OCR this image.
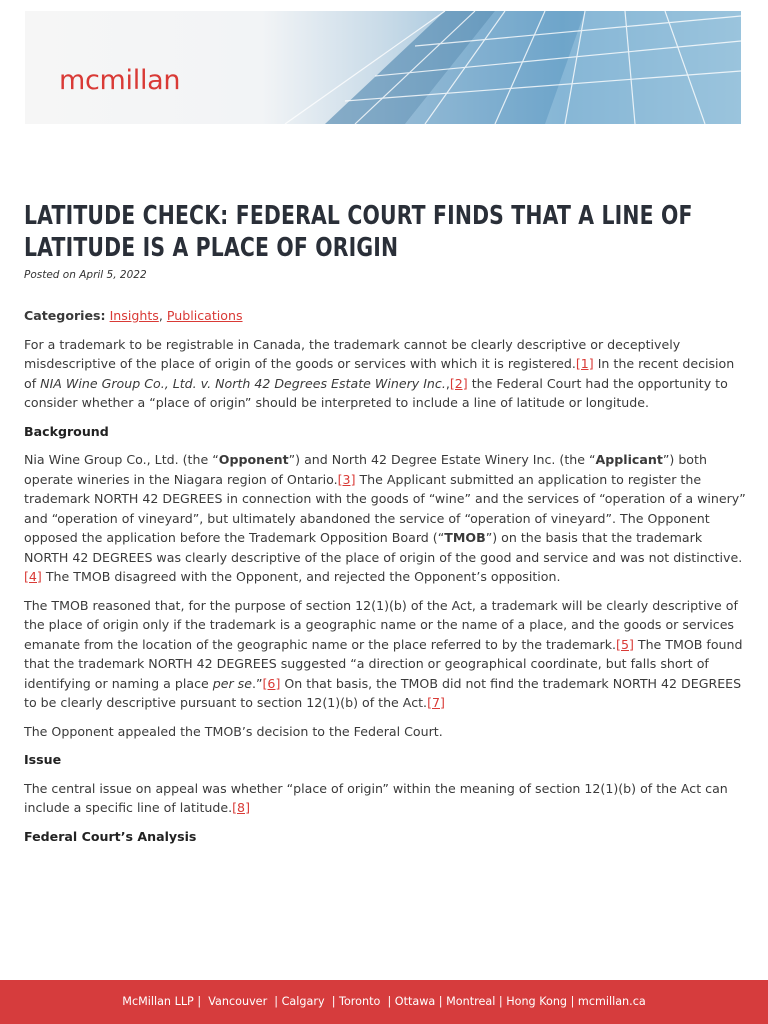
mcmillan
LATITUDE CHECK: FEDERAL COURT FINDS THAT A LINE OF
LATITUDE IS A PLACE OF ORIGIN
Posted on April 5, 2022

Categories: Insights, Publications

For a trademark to be registrable in Canada, the trademark cannot be clearly descriptive or deceptively misdescriptive of the place of origin of the goods or services with which it is registered.[1] In the recent decision of NIA Wine Group Co., Ltd. v. North 42 Degrees Estate Winery Inc.,[2] the Federal Court had the opportunity to consider whether a “place of origin” should be interpreted to include a line of latitude or longitude.

Background

Nia Wine Group Co., Ltd. (the “Opponent”) and North 42 Degree Estate Winery Inc. (the “Applicant”) both operate wineries in the Niagara region of Ontario.[3] The Applicant submitted an application to register the trademark NORTH 42 DEGREES in connection with the goods of “wine” and the services of “operation of a winery” and “operation of vineyard”, but ultimately abandoned the service of “operation of vineyard”. The Opponent opposed the application before the Trademark Opposition Board (“TMOB”) on the basis that the trademark NORTH 42 DEGREES was clearly descriptive of the place of origin of the good and service and was not distinctive.[4] The TMOB disagreed with the Opponent, and rejected the Opponent’s opposition.

The TMOB reasoned that, for the purpose of section 12(1)(b) of the Act, a trademark will be clearly descriptive of the place of origin only if the trademark is a geographic name or the name of a place, and the goods or services emanate from the location of the geographic name or the place referred to by the trademark.[5] The TMOB found that the trademark NORTH 42 DEGREES suggested “a direction or geographical coordinate, but falls short of identifying or naming a place per se.”[6] On that basis, the TMOB did not find the trademark NORTH 42 DEGREES to be clearly descriptive pursuant to section 12(1)(b) of the Act.[7]

The Opponent appealed the TMOB’s decision to the Federal Court.

Issue

The central issue on appeal was whether “place of origin” within the meaning of section 12(1)(b) of the Act can include a specific line of latitude.[8]

Federal Court’s Analysis

McMillan LLP |  Vancouver  | Calgary  | Toronto  | Ottawa | Montreal | Hong Kong | mcmillan.ca
